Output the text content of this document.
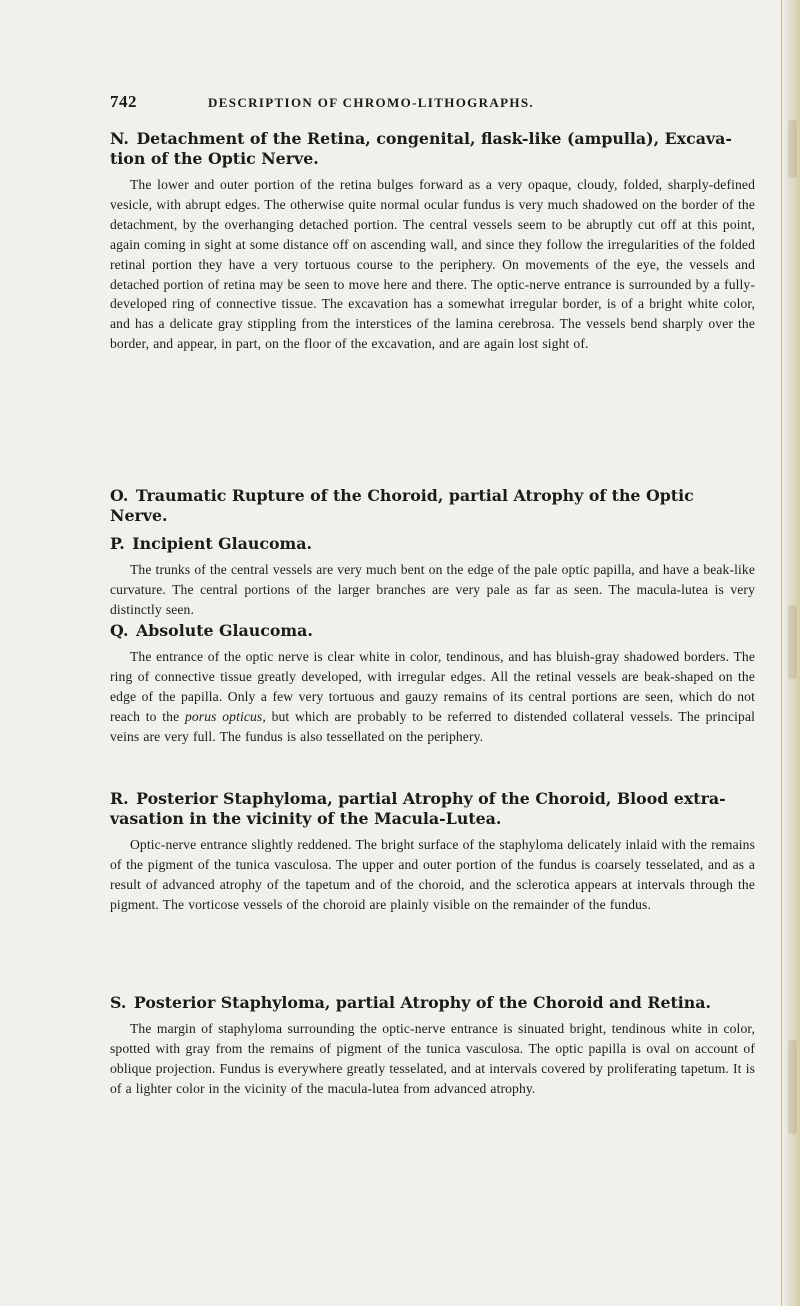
742	DESCRIPTION OF CHROMO-LITHOGRAPHS.
N. Detachment of the Retina, congenital, flask-like (ampulla), Excava-tion of the Optic Nerve.

The lower and outer portion of the retina bulges forward as a very opaque, cloudy, folded, sharply-defined vesicle, with abrupt edges. The otherwise quite normal ocular fundus is very much shadowed on the border of the detachment, by the overhanging detached portion. The central vessels seem to be abruptly cut off at this point, again coming in sight at some distance off on ascending wall, and since they follow the irregularities of the folded retinal portion they have a very tortuous course to the periphery. On movements of the eye, the vessels and detached portion of retina may be seen to move here and there. The optic-nerve entrance is surrounded by a fully-developed ring of connective tissue. The excavation has a somewhat irregular border, is of a bright white color, and has a delicate gray stippling from the interstices of the lamina cerebrosa. The vessels bend sharply over the border, and appear, in part, on the floor of the excavation, and are again lost sight of.

O. Traumatic Rupture of the Choroid, partial Atrophy of the Optic Nerve.
P. Incipient Glaucoma.

The trunks of the central vessels are very much bent on the edge of the pale optic papilla, and have a beak-like curvature. The central portions of the larger branches are very pale as far as seen. The macula-lutea is very distinctly seen.

Q. Absolute Glaucoma.

The entrance of the optic nerve is clear white in color, tendinous, and has bluish-gray shadowed borders. The ring of connective tissue greatly developed, with irregular edges. All the retinal vessels are beak-shaped on the edge of the papilla. Only a few very tortuous and gauzy remains of its central portions are seen, which do not reach to the porus opticus, but which are probably to be referred to distended collateral vessels. The principal veins are very full. The fundus is also tessellated on the periphery.

R. Posterior Staphyloma, partial Atrophy of the Choroid, Blood extra-vasation in the vicinity of the Macula-Lutea.

Optic-nerve entrance slightly reddened. The bright surface of the staphyloma delicately inlaid with the remains of the pigment of the tunica vasculosa. The upper and outer portion of the fundus is coarsely tesselated, and as a result of advanced atrophy of the tapetum and of the choroid, and the sclerotica appears at intervals through the pigment. The vorticose vessels of the choroid are plainly visible on the remainder of the fundus.

S. Posterior Staphyloma, partial Atrophy of the Choroid and Retina.

The margin of staphyloma surrounding the optic-nerve entrance is sinuated bright, tendinous white in color, spotted with gray from the remains of pigment of the tunica vasculosa. The optic papilla is oval on account of oblique projection. Fundus is everywhere greatly tesselated, and at intervals covered by proliferating tapetum. It is of a lighter color in the vicinity of the macula-lutea from advanced atrophy.
